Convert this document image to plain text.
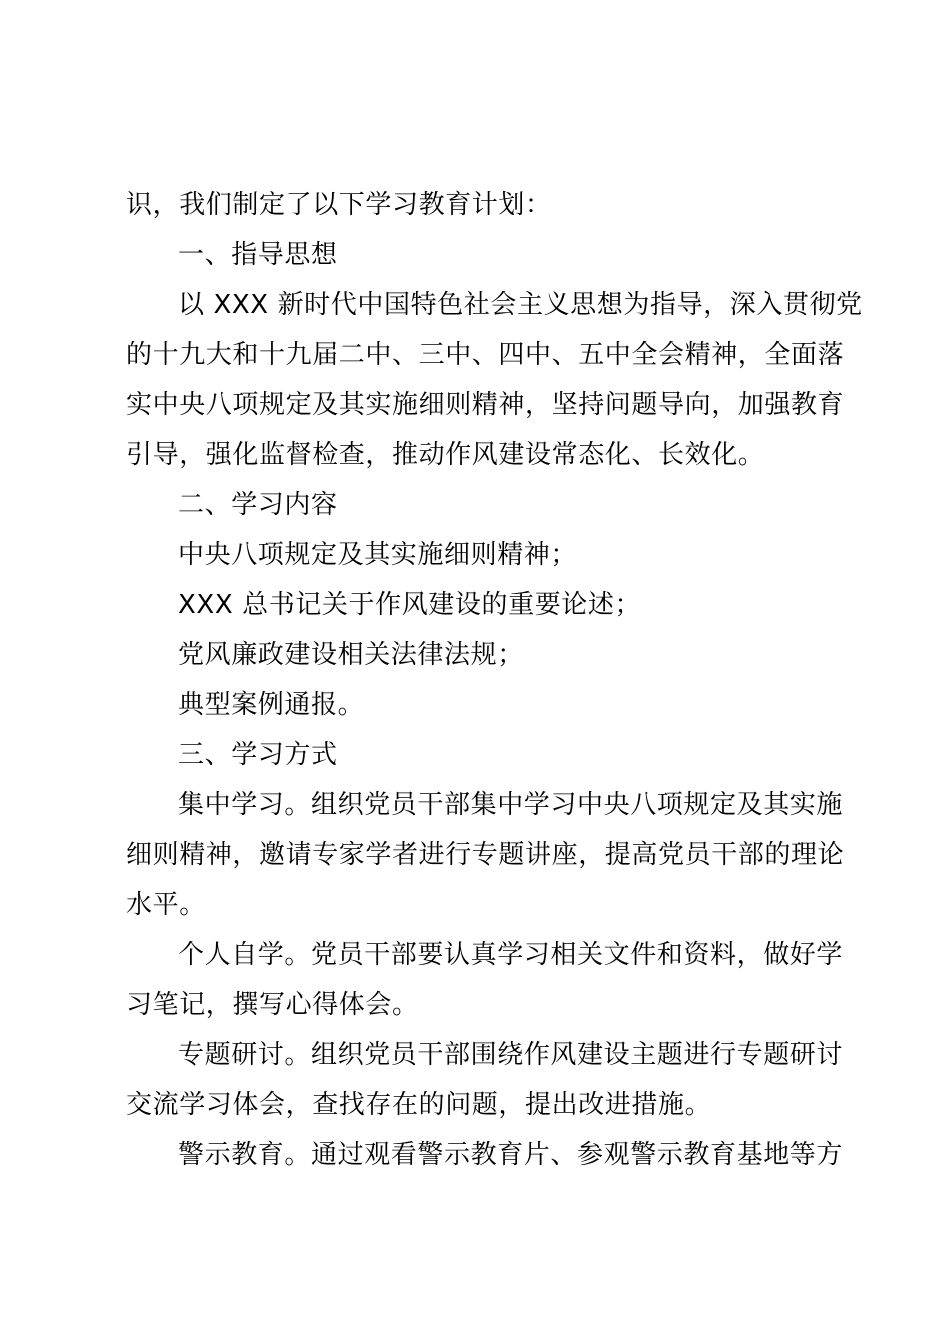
识，我们制定了以下学习教育计划：
一、指导思想
以 XXX 新时代中国特色社会主义思想为指导，深入贯彻党
的十九大和十九届二中、三中、四中、五中全会精神，全面落
实中央八项规定及其实施细则精神，坚持问题导向，加强教育
引导，强化监督检查，推动作风建设常态化、长效化。
二、学习内容
中央八项规定及其实施细则精神；
XXX 总书记关于作风建设的重要论述；
党风廉政建设相关法律法规；
典型案例通报。
三、学习方式
集中学习。组织党员干部集中学习中央八项规定及其实施
细则精神，邀请专家学者进行专题讲座，提高党员干部的理论
水平。
个人自学。党员干部要认真学习相关文件和资料，做好学
习笔记，撰写心得体会。
专题研讨。组织党员干部围绕作风建设主题进行专题研讨
交流学习体会，查找存在的问题，提出改进措施。
警示教育。通过观看警示教育片、参观警示教育基地等方
